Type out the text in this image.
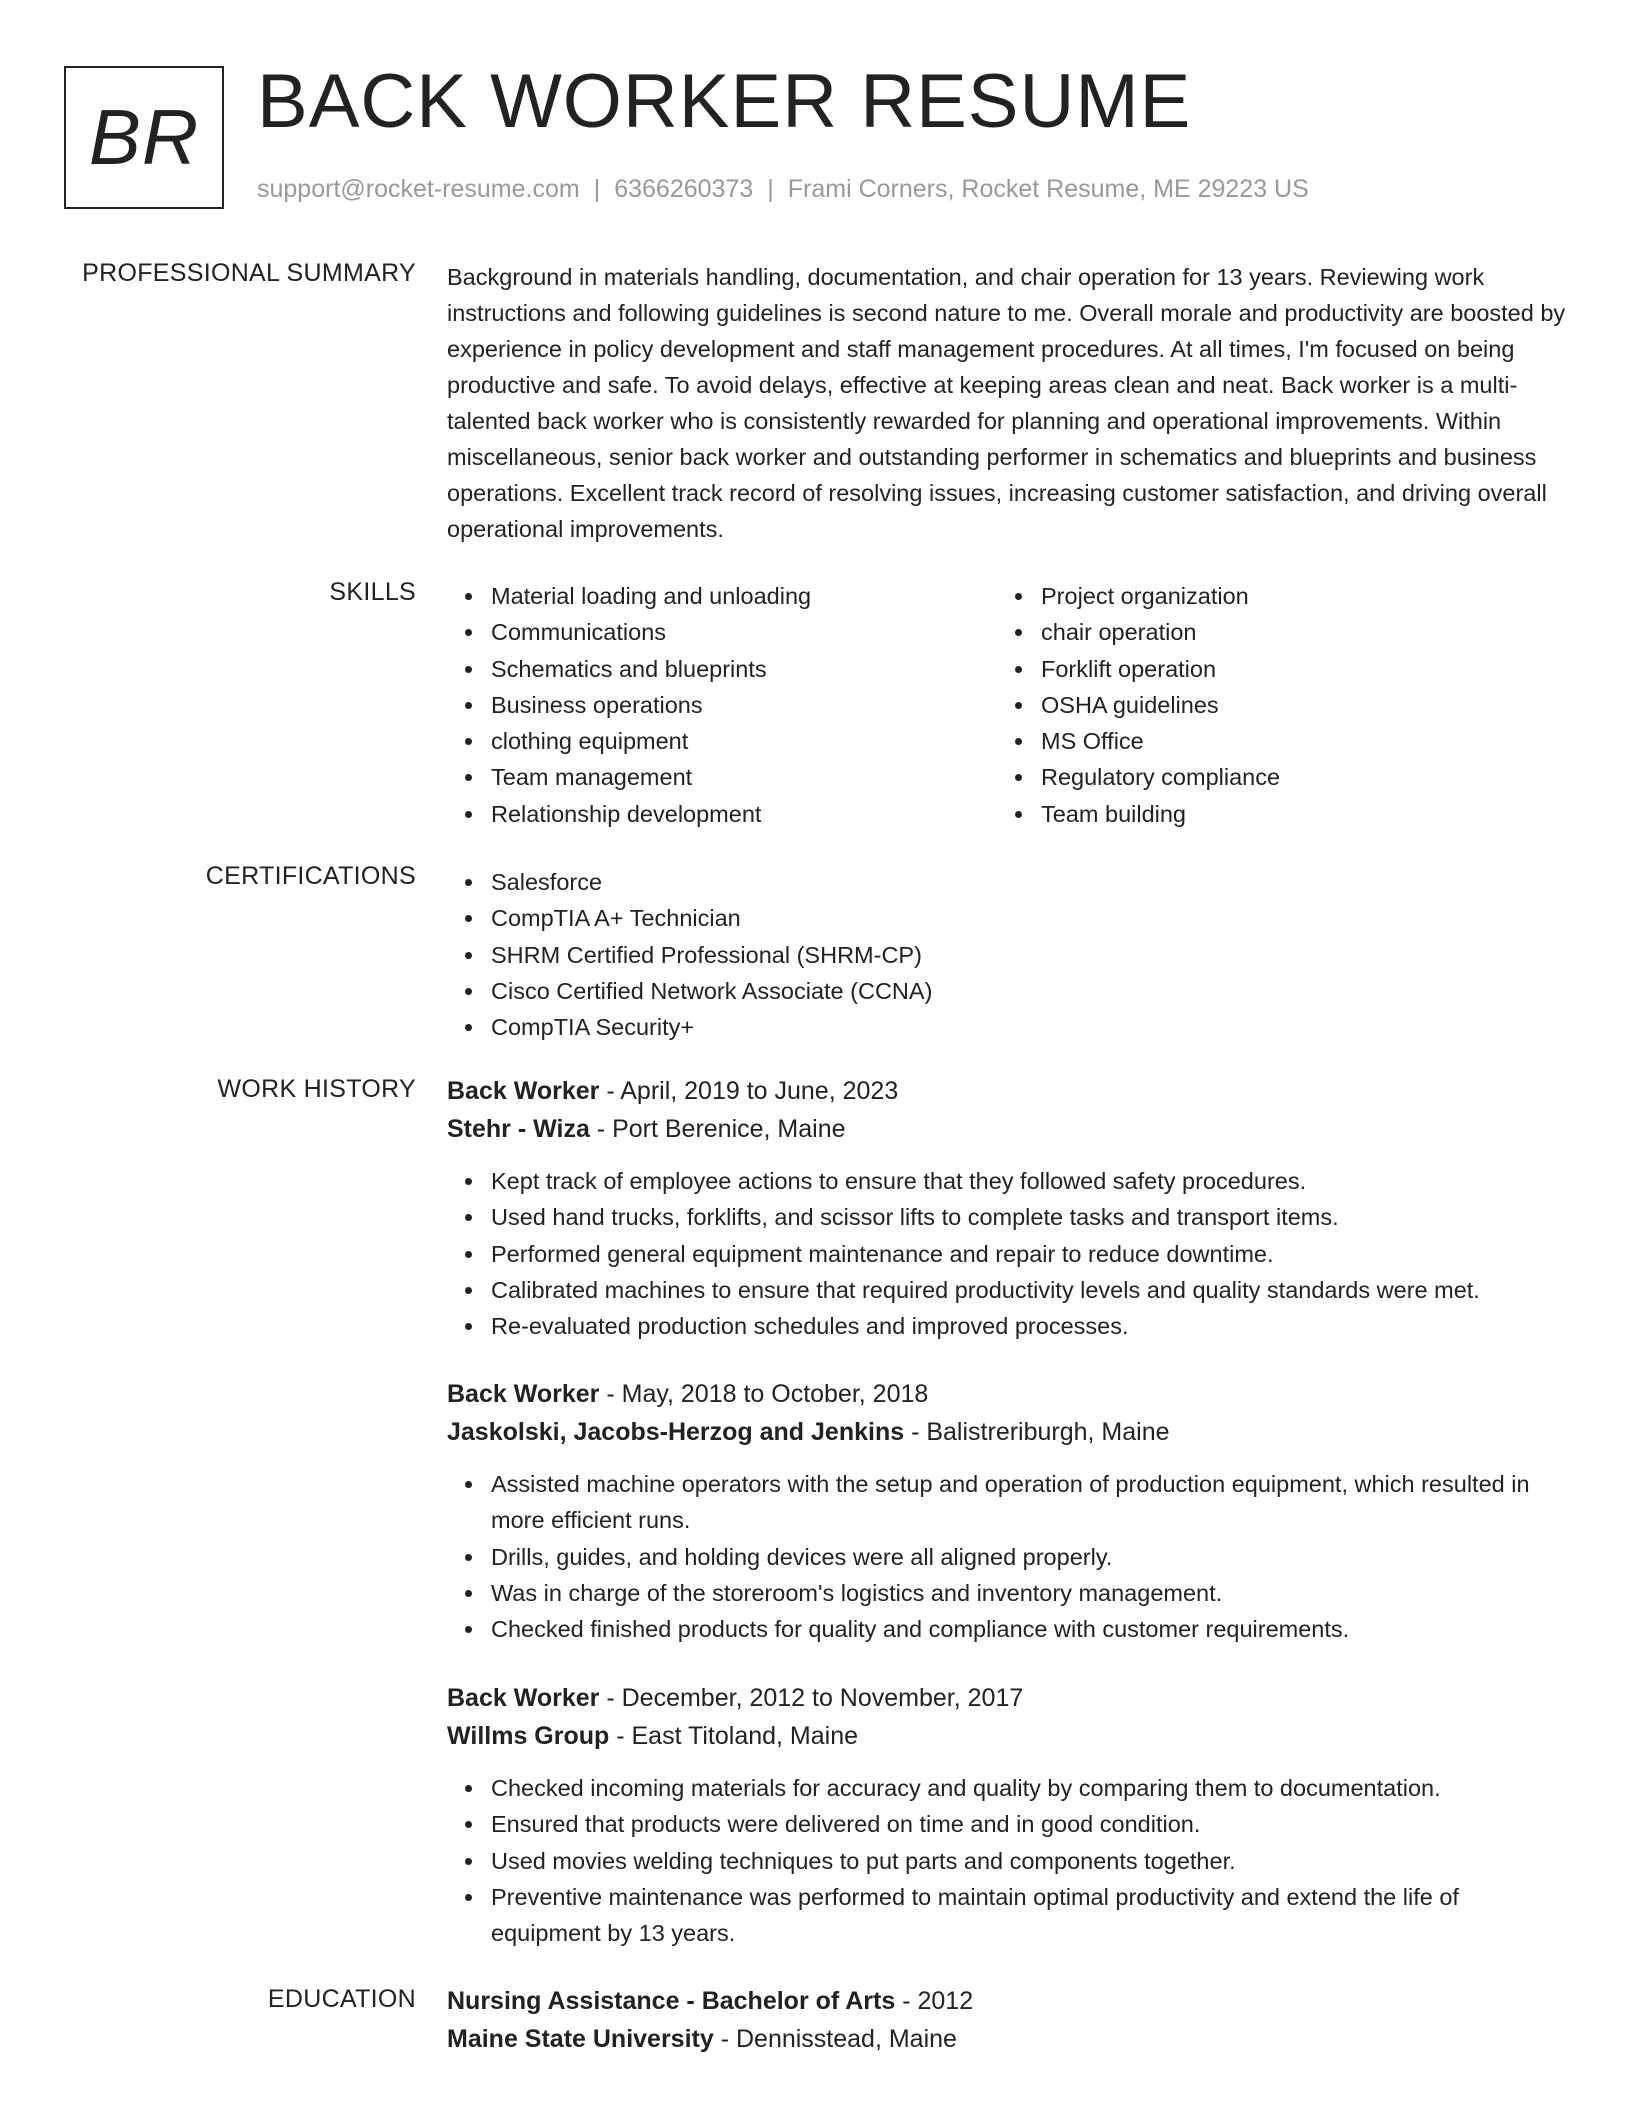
BR BACK WORKER RESUME
support@rocket-resume.com | 6366260373 | Frami Corners, Rocket Resume, ME 29223 US
PROFESSIONAL SUMMARY Background in materials handling, documentation, and chair operation for 13 years. Reviewing work instructions and following guidelines is second nature to me. Overall morale and productivity are boosted by experience in policy development and staff management procedures. At all times, I'm focused on being productive and safe. To avoid delays, effective at keeping areas clean and neat. Back worker is a multi-talented back worker who is consistently rewarded for planning and operational improvements. Within miscellaneous, senior back worker and outstanding performer in schematics and blueprints and business operations. Excellent track record of resolving issues, increasing customer satisfaction, and driving overall operational improvements.
SKILLS	Material loading and unloading
Communications
Schematics and blueprints
Business operations
clothing equipment
Team management
Relationship development
Project organization
chair operation
Forklift operation
OSHA guidelines
MS Office
Regulatory compliance
Team building
CERTIFICATIONS	Salesforce
CompTIA A+ Technician
SHRM Certified Professional (SHRM-CP)
Cisco Certified Network Associate (CCNA)
CompTIA Security+
WORK HISTORY Back Worker - April, 2019 to June, 2023
Stehr - Wiza - Port Berenice, Maine
Kept track of employee actions to ensure that they followed safety procedures.
Used hand trucks, forklifts, and scissor lifts to complete tasks and transport items.
Performed general equipment maintenance and repair to reduce downtime.
Calibrated machines to ensure that required productivity levels and quality standards were met.
Re-evaluated production schedules and improved processes.
Back Worker - May, 2018 to October, 2018
Jaskolski, Jacobs-Herzog and Jenkins - Balistreriburgh, Maine
Assisted machine operators with the setup and operation of production equipment, which resulted in more efficient runs.
Drills, guides, and holding devices were all aligned properly.
Was in charge of the storeroom's logistics and inventory management.
Checked finished products for quality and compliance with customer requirements.
Back Worker - December, 2012 to November, 2017
Willms Group - East Titoland, Maine
Checked incoming materials for accuracy and quality by comparing them to documentation.
Ensured that products were delivered on time and in good condition.
Used movies welding techniques to put parts and components together.
Preventive maintenance was performed to maintain optimal productivity and extend the life of equipment by 13 years.
EDUCATION Nursing Assistance - Bachelor of Arts - 2012
Maine State University - Dennisstead, Maine
